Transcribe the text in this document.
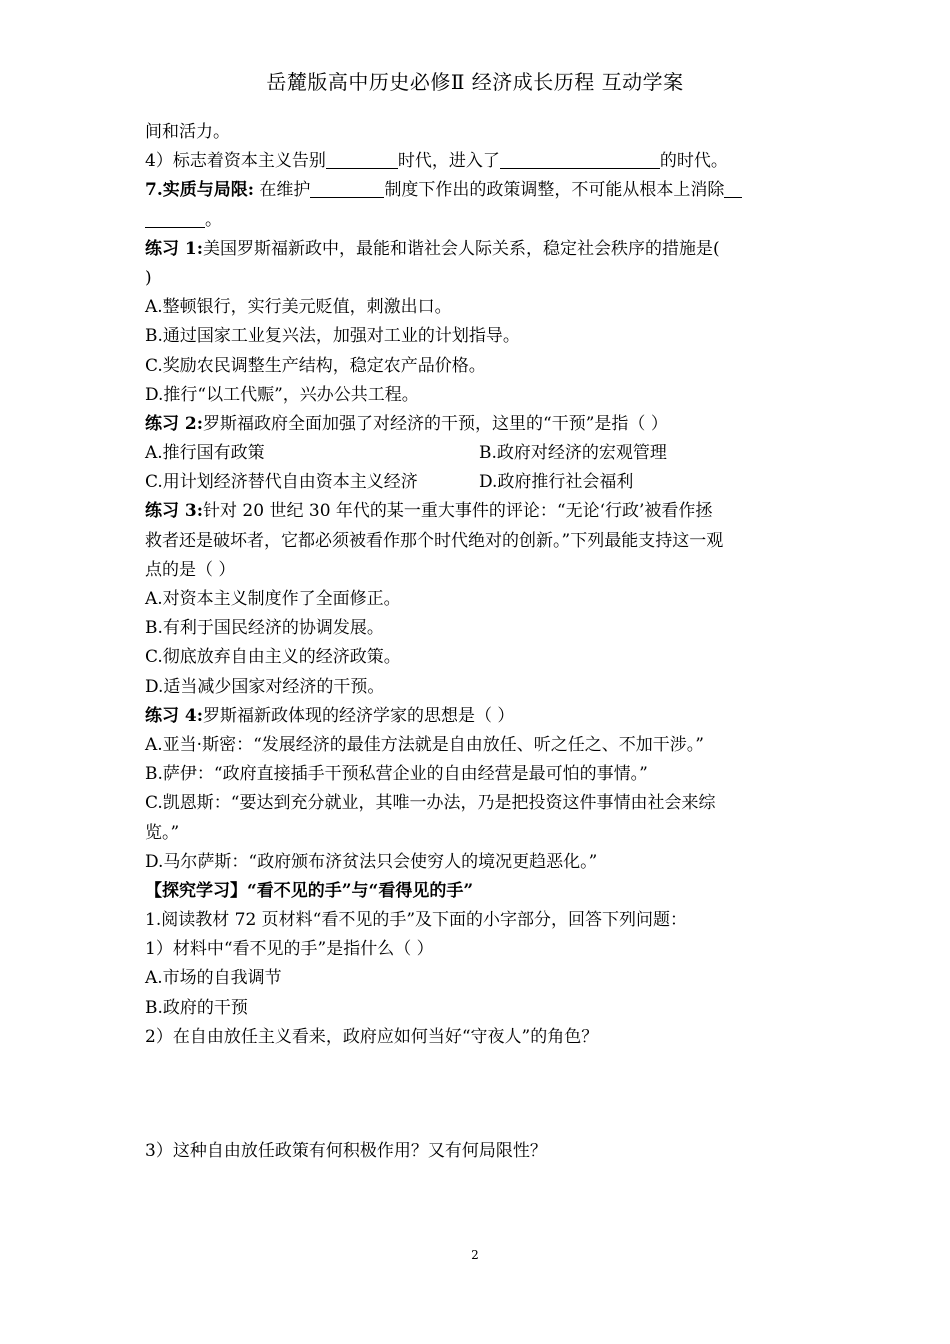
岳麓版高中历史必修Ⅱ 经济成长历程 互动学案
间和活力。
4）标志着资本主义告别	时代，进入了	的时代。
7.实质与局限: 在维护	制度下作出的政策调整，不可能从根本上消除
。
练习 1:美国罗斯福新政中，最能和谐社会人际关系，稳定社会秩序的措施是(
)
A.整顿银行，实行美元贬值，刺激出口。
B.通过国家工业复兴法，加强对工业的计划指导。
C.奖励农民调整生产结构，稳定农产品价格。
D.推行“以工代赈”，兴办公共工程。
练习 2:罗斯福政府全面加强了对经济的干预，这里的“干预”是指（ ）
A.推行国有政策	B.政府对经济的宏观管理
C.用计划经济替代自由资本主义经济	D.政府推行社会福利
练习 3:针对 20 世纪 30 年代的某一重大事件的评论：“无论‘行政’被看作拯
救者还是破坏者，它都必须被看作那个时代绝对的创新。”下列最能支持这一观
点的是（ ）
A.对资本主义制度作了全面修正。
B.有利于国民经济的协调发展。
C.彻底放弃自由主义的经济政策。
D.适当减少国家对经济的干预。
练习 4:罗斯福新政体现的经济学家的思想是（ ）
A.亚当·斯密：“发展经济的最佳方法就是自由放任、听之任之、不加干涉。”
B.萨伊：“政府直接插手干预私营企业的自由经营是最可怕的事情。”
C.凯恩斯：“要达到充分就业，其唯一办法，乃是把投资这件事情由社会来综
览。”
D.马尔萨斯：“政府颁布济贫法只会使穷人的境况更趋恶化。”
【探究学习】“看不见的手”与“看得见的手”
1.阅读教材 72 页材料“看不见的手”及下面的小字部分，回答下列问题：
1）材料中“看不见的手”是指什么（ ）
A.市场的自我调节
B.政府的干预
2）在自由放任主义看来，政府应如何当好“守夜人”的角色？
3）这种自由放任政策有何积极作用？又有何局限性？
2
